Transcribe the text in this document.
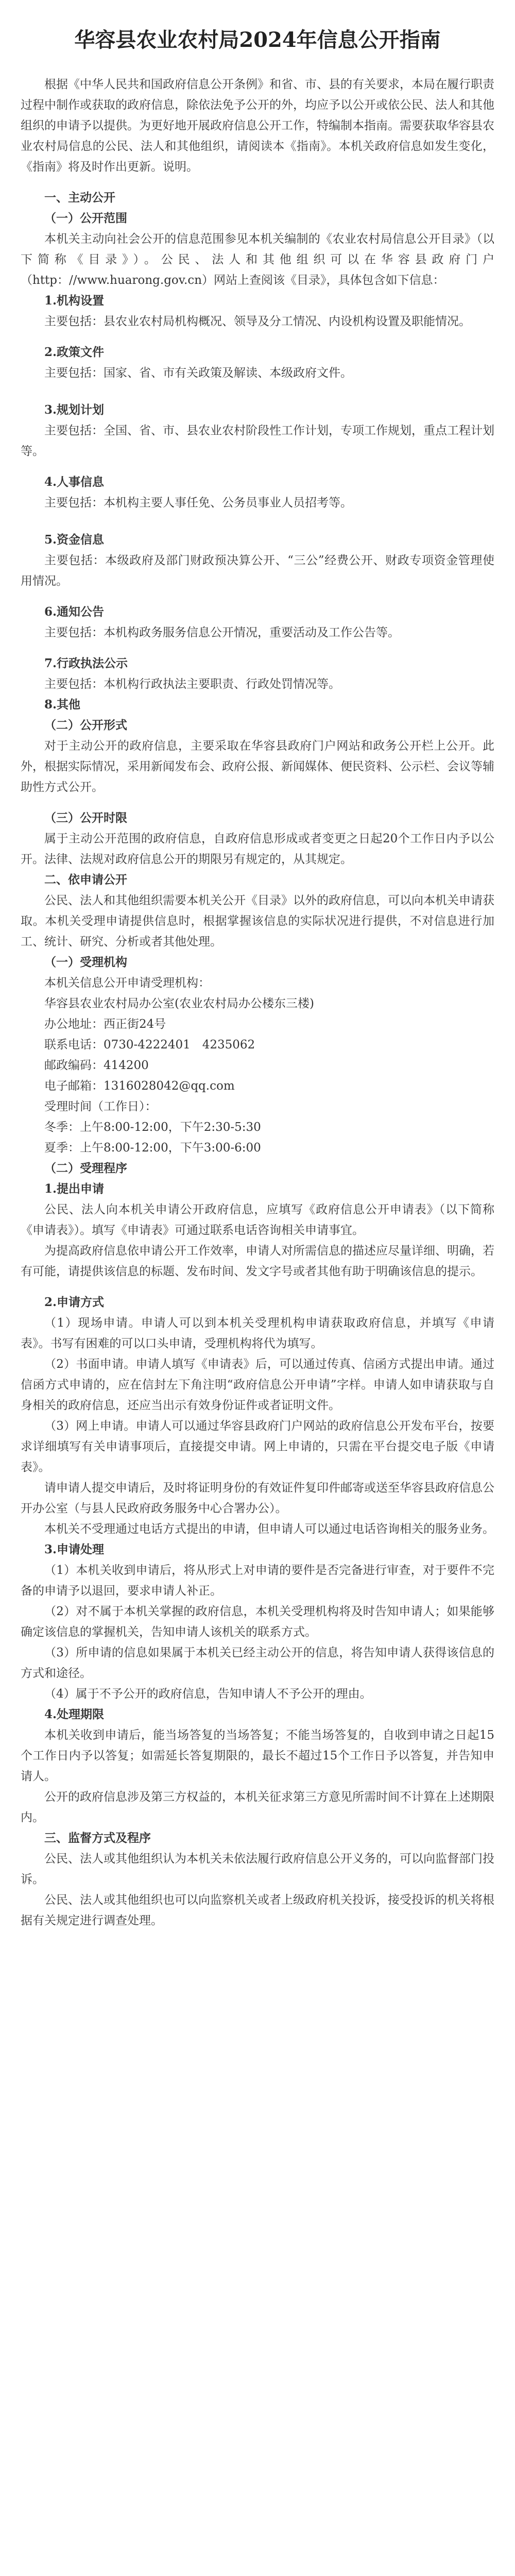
华容县农业农村局2024年信息公开指南

根据《中华人民共和国政府信息公开条例》和省、市、县的有关要求，本局在履行职责过程中制作或获取的政府信息，除依法免予公开的外，均应予以公开或依公民、法人和其他组织的申请予以提供。为更好地开展政府信息公开工作，特编制本指南。需要获取华容县农业农村局信息的公民、法人和其他组织，请阅读本《指南》。本机关政府信息如发生变化，《指南》将及时作出更新。说明。

一、主动公开

（一）公开范围

本机关主动向社会公开的信息范围参见本机关编制的《农业农村局信息公开目录》（以下简称《目录》）。公民、法人和其他组织可以在华容县政府门户（http：//www.huarong.gov.cn）网站上查阅该《目录》，具体包含如下信息：

1.机构设置

主要包括：县农业农村局机构概况、领导及分工情况、内设机构设置及职能情况。

2.政策文件

主要包括：国家、省、市有关政策及解读、本级政府文件。

3.规划计划

主要包括：全国、省、市、县农业农村阶段性工作计划，专项工作规划，重点工程计划等。

4.人事信息

主要包括：本机构主要人事任免、公务员事业人员招考等。

5.资金信息

主要包括：本级政府及部门财政预决算公开、“三公”经费公开、财政专项资金管理使用情况。

6.通知公告

主要包括：本机构政务服务信息公开情况，重要活动及工作公告等。

7.行政执法公示

主要包括：本机构行政执法主要职责、行政处罚情况等。

8.其他

（二）公开形式

对于主动公开的政府信息，主要采取在华容县政府门户网站和政务公开栏上公开。此外，根据实际情况，采用新闻发布会、政府公报、新闻媒体、便民资料、公示栏、会议等辅助性方式公开。

（三）公开时限

属于主动公开范围的政府信息，自政府信息形成或者变更之日起20个工作日内予以公开。法律、法规对政府信息公开的期限另有规定的，从其规定。

二、依申请公开

公民、法人和其他组织需要本机关公开《目录》以外的政府信息，可以向本机关申请获取。本机关受理申请提供信息时，根据掌握该信息的实际状况进行提供，不对信息进行加工、统计、研究、分析或者其他处理。

（一）受理机构

本机关信息公开申请受理机构：

华容县农业农村局办公室(农业农村局办公楼东三楼)

办公地址：西正街24号

联系电话：0730-4222401　4235062

邮政编码：414200

电子邮箱：1316028042@qq.com

受理时间（工作日）：

冬季：上午8:00-12:00，下午2:30-5:30

夏季：上午8:00-12:00，下午3:00-6:00

（二）受理程序

1.提出申请

公民、法人向本机关申请公开政府信息，应填写《政府信息公开申请表》（以下简称《申请表》）。填写《申请表》可通过联系电话咨询相关申请事宜。

为提高政府信息依申请公开工作效率，申请人对所需信息的描述应尽量详细、明确，若有可能，请提供该信息的标题、发布时间、发文字号或者其他有助于明确该信息的提示。

2.申请方式

（1）现场申请。申请人可以到本机关受理机构申请获取政府信息，并填写《申请表》。书写有困难的可以口头申请，受理机构将代为填写。

（2）书面申请。申请人填写《申请表》后，可以通过传真、信函方式提出申请。通过信函方式申请的，应在信封左下角注明“政府信息公开申请”字样。申请人如申请获取与自身相关的政府信息，还应当出示有效身份证件或者证明文件。

（3）网上申请。申请人可以通过华容县政府门户网站的政府信息公开发布平台，按要求详细填写有关申请事项后，直接提交申请。网上申请的，只需在平台提交电子版《申请表》。

请申请人提交申请后，及时将证明身份的有效证件复印件邮寄或送至华容县政府信息公开办公室（与县人民政府政务服务中心合署办公）。

本机关不受理通过电话方式提出的申请，但申请人可以通过电话咨询相关的服务业务。

3.申请处理

（1）本机关收到申请后，将从形式上对申请的要件是否完备进行审查，对于要件不完备的申请予以退回，要求申请人补正。

（2）对不属于本机关掌握的政府信息，本机关受理机构将及时告知申请人；如果能够确定该信息的掌握机关，告知申请人该机关的联系方式。

（3）所申请的信息如果属于本机关已经主动公开的信息，将告知申请人获得该信息的方式和途径。

（4）属于不予公开的政府信息，告知申请人不予公开的理由。

4.处理期限

本机关收到申请后，能当场答复的当场答复；不能当场答复的，自收到申请之日起15个工作日内予以答复；如需延长答复期限的，最长不超过15个工作日予以答复，并告知申请人。

公开的政府信息涉及第三方权益的，本机关征求第三方意见所需时间不计算在上述期限内。

三、监督方式及程序

公民、法人或其他组织认为本机关未依法履行政府信息公开义务的，可以向监督部门投诉。

公民、法人或其他组织也可以向监察机关或者上级政府机关投诉，接受投诉的机关将根据有关规定进行调查处理。
